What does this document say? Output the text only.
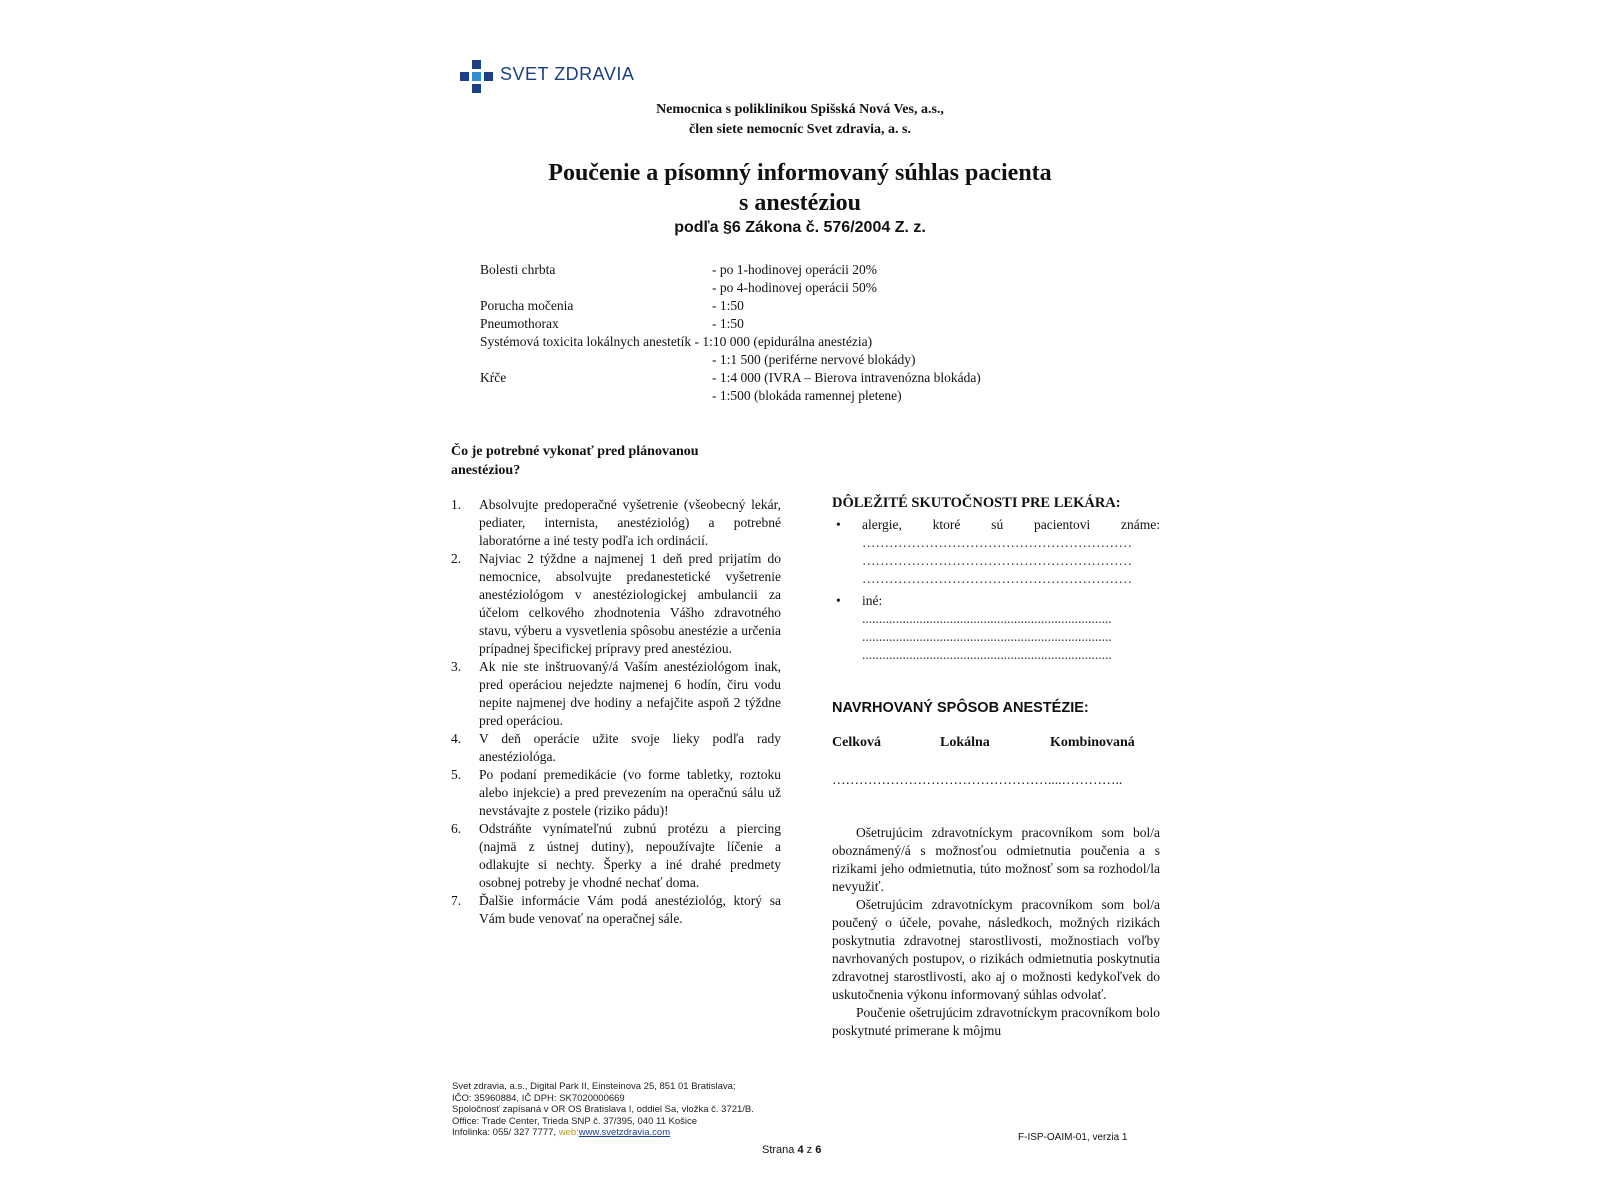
SVET ZDRAVIA
Nemocnica s poliklinikou Spišská Nová Ves, a.s.,
člen siete nemocníc Svet zdravia, a. s.
Poučenie a písomný informovaný súhlas pacienta
s anestéziou
podľa §6 Zákona č. 576/2004 Z. z.
Bolesti chrbta	- po 1-hodinovej operácii 20%
- po 4-hodinovej operácii 50%
Porucha močenia	- 1:50
Pneumothorax	- 1:50
Systémová toxicita lokálnych anestetík - 1:10 000 (epidurálna anestézia)
- 1:1 500 (periférne nervové blokády)
Kŕče	- 1:4 000 (IVRA – Bierova intravenózna blokáda)
- 1:500 (blokáda ramennej pletene)
Čo je potrebné vykonať pred plánovanou
anestéziou?
1. Absolvujte predoperačné vyšetrenie (všeobecný lekár, pediater, internista, anestéziológ) a potrebné laboratórne a iné testy podľa ich ordinácií.
2. Najviac 2 týždne a najmenej 1 deň pred prijatím do nemocnice, absolvujte predanestetické vyšetrenie anestéziológom v anestéziologickej ambulancii za účelom celkového zhodnotenia Vášho zdravotného stavu, výberu a vysvetlenia spôsobu anestézie a určenia prípadnej špecifickej prípravy pred anestéziou.
3. Ak nie ste inštruovaný/á Vaším anestéziológom inak, pred operáciou nejedzte najmenej 6 hodín, čiru vodu nepite najmenej dve hodiny a nefajčite aspoň 2 týždne pred operáciou.
4. V deň operácie užite svoje lieky podľa rady anestéziológa.
5. Po podaní premedikácie (vo forme tabletky, roztoku alebo injekcie) a pred prevezením na operačnú sálu už nevstávajte z postele (riziko pádu)!
6. Odstráňte vynímateľnú zubnú protézu a piercing (najmä z ústnej dutiny), nepoužívajte líčenie a odlakujte si nechty. Šperky a iné drahé predmety osobnej potreby je vhodné nechať doma.
7. Ďalšie informácie Vám podá anestéziológ, ktorý sa Vám bude venovať na operačnej sále.
DÔLEŽITÉ SKUTOČNOSTI PRE LEKÁRA:
• alergie, ktoré sú pacientovi známe:
……………………………………………………
……………………………………………………
……………………………………………………
• iné:
..........................................................................
..........................................................................
..........................................................................
NAVRHOVANÝ SPÔSOB ANESTÉZIE:
Celková	Lokálna	Kombinovaná
…………………………………………....…………..

Ošetrujúcim zdravotníckym pracovníkom som bol/a oboznámený/á s možnosťou odmietnutia poučenia a s rizikami jeho odmietnutia, túto možnosť som sa rozhodol/la nevyužiť.

Ošetrujúcim zdravotníckym pracovníkom som bol/a poučený o účele, povahe, následkoch, možných rizikách poskytnutia zdravotnej starostlivosti, možnostiach voľby navrhovaných postupov, o rizikách odmietnutia poskytnutia zdravotnej starostlivosti, ako aj o možnosti kedykoľvek do uskutočnenia výkonu informovaný súhlas odvolať.

Poučenie ošetrujúcim zdravotníckym pracovníkom bolo poskytnuté primerane k môjmu

Svet zdravia, a.s., Digital Park II, Einsteinova 25, 851 01 Bratislava;
IČO: 35960884, IČ DPH: SK7020000669
Spoločnosť zapísaná v OR OS Bratislava I, oddiel Sa, vložka č. 3721/B.
Office: Trade Center, Trieda SNP č. 37/395, 040 11 Košice
Infolinka: 055/ 327 7777, web:www.svetzdravia.com	F-ISP-OAIM-01, verzia 1
Strana 4 z 6
